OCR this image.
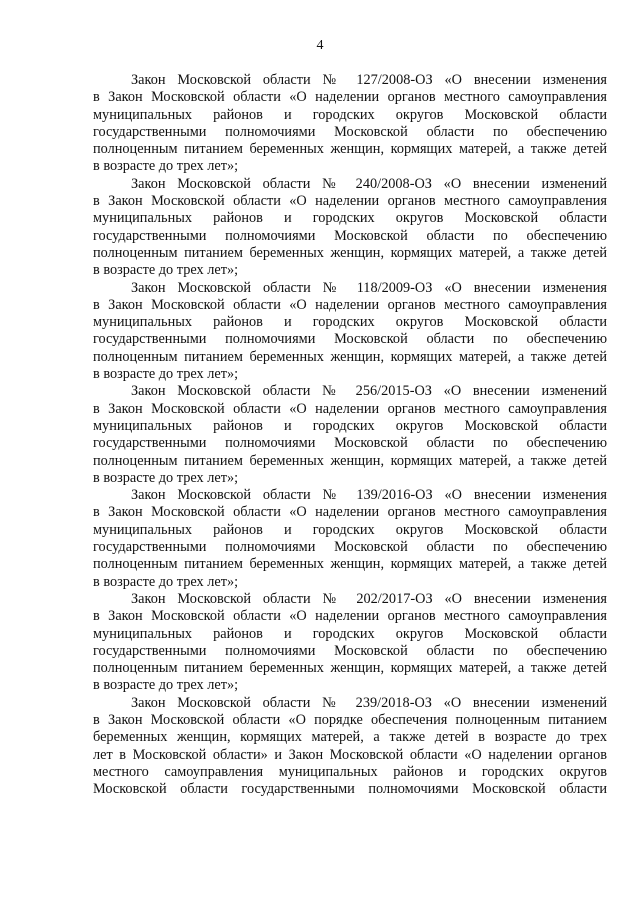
4
Закон Московской области № 127/2008-ОЗ «О внесении изменения
в Закон Московской области «О наделении органов местного самоуправления
муниципальных районов и городских округов Московской области
государственными полномочиями Московской области по обеспечению
полноценным питанием беременных женщин, кормящих матерей, а также детей
в возрасте до трех лет»;
Закон Московской области № 240/2008-ОЗ «О внесении изменений
в Закон Московской области «О наделении органов местного самоуправления
муниципальных районов и городских округов Московской области
государственными полномочиями Московской области по обеспечению
полноценным питанием беременных женщин, кормящих матерей, а также детей
в возрасте до трех лет»;
Закон Московской области № 118/2009-ОЗ «О внесении изменения
в Закон Московской области «О наделении органов местного самоуправления
муниципальных районов и городских округов Московской области
государственными полномочиями Московской области по обеспечению
полноценным питанием беременных женщин, кормящих матерей, а также детей
в возрасте до трех лет»;
Закон Московской области № 256/2015-ОЗ «О внесении изменений
в Закон Московской области «О наделении органов местного самоуправления
муниципальных районов и городских округов Московской области
государственными полномочиями Московской области по обеспечению
полноценным питанием беременных женщин, кормящих матерей, а также детей
в возрасте до трех лет»;
Закон Московской области № 139/2016-ОЗ «О внесении изменения
в Закон Московской области «О наделении органов местного самоуправления
муниципальных районов и городских округов Московской области
государственными полномочиями Московской области по обеспечению
полноценным питанием беременных женщин, кормящих матерей, а также детей
в возрасте до трех лет»;
Закон Московской области № 202/2017-ОЗ «О внесении изменения
в Закон Московской области «О наделении органов местного самоуправления
муниципальных районов и городских округов Московской области
государственными полномочиями Московской области по обеспечению
полноценным питанием беременных женщин, кормящих матерей, а также детей
в возрасте до трех лет»;
Закон Московской области № 239/2018-ОЗ «О внесении изменений
в Закон Московской области «О порядке обеспечения полноценным питанием
беременных женщин, кормящих матерей, а также детей в возрасте до трех
лет в Московской области» и Закон Московской области «О наделении органов
местного самоуправления муниципальных районов и городских округов
Московской области государственными полномочиями Московской области
